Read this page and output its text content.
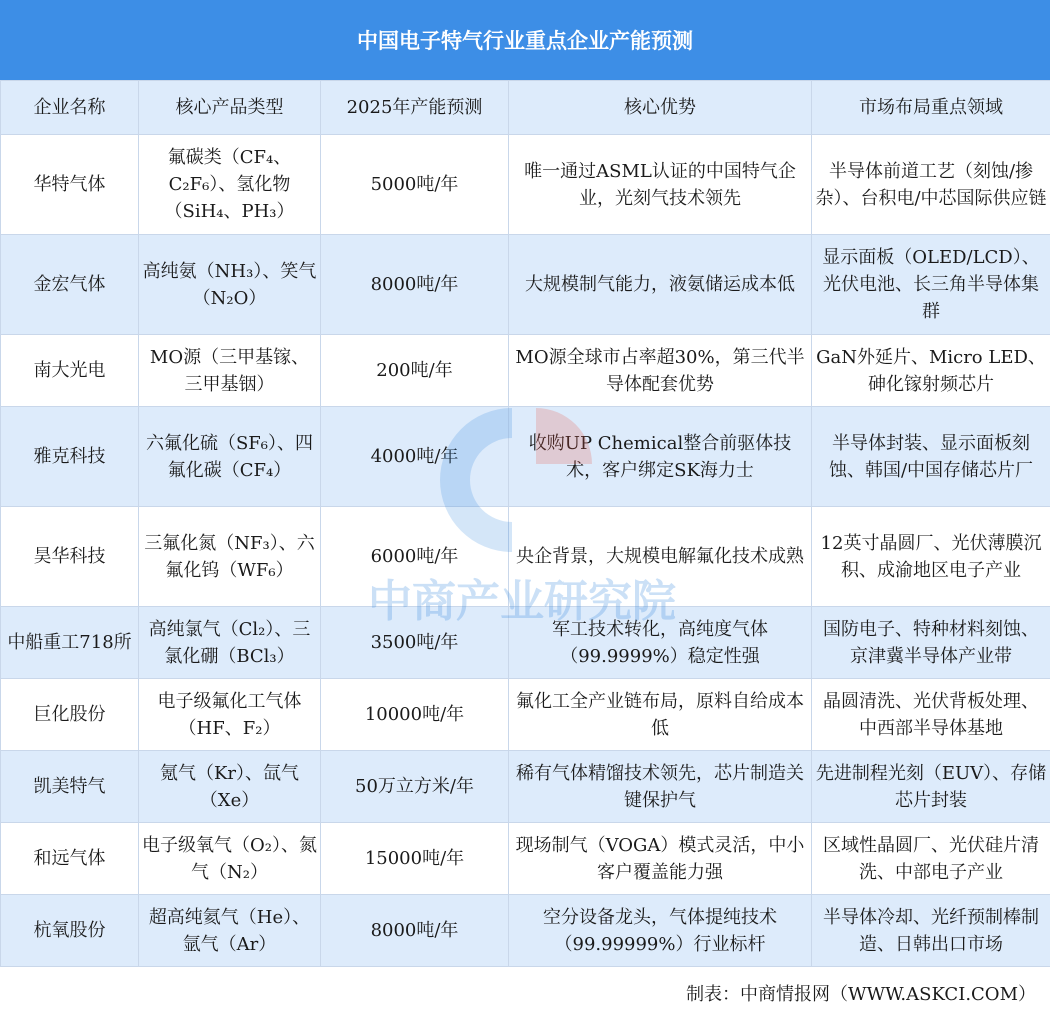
中国电子特气行业重点企业产能预测
企业名称	核心产品类型	2025年产能预测	核心优势	市场布局重点领域
华特气体	氟碳类（CF₄、C₂F₆）、氢化物（SiH₄、PH₃）	5000吨/年	唯一通过ASML认证的中国特气企业，光刻气技术领先	半导体前道工艺（刻蚀/掺杂）、台积电/中芯国际供应链
金宏气体	高纯氨（NH₃）、笑气（N₂O）	8000吨/年	大规模制气能力，液氨储运成本低	显示面板（OLED/LCD）、光伏电池、长三角半导体集群
南大光电	MO源（三甲基镓、三甲基铟）	200吨/年	MO源全球市占率超30%，第三代半导体配套优势	GaN外延片、Micro LED、砷化镓射频芯片
雅克科技	六氟化硫（SF₆）、四氟化碳（CF₄）	4000吨/年	收购UP Chemical整合前驱体技术，客户绑定SK海力士	半导体封装、显示面板刻蚀、韩国/中国存储芯片厂
昊华科技	三氟化氮（NF₃）、六氟化钨（WF₆）	6000吨/年	央企背景，大规模电解氟化技术成熟	12英寸晶圆厂、光伏薄膜沉积、成渝地区电子产业
中船重工718所	高纯氯气（Cl₂）、三氯化硼（BCl₃）	3500吨/年	军工技术转化，高纯度气体（99.9999%）稳定性强	国防电子、特种材料刻蚀、京津冀半导体产业带
巨化股份	电子级氟化工气体（HF、F₂）	10000吨/年	氟化工全产业链布局，原料自给成本低	晶圆清洗、光伏背板处理、中西部半导体基地
凯美特气	氪气（Kr）、氙气（Xe）	50万立方米/年	稀有气体精馏技术领先，芯片制造关键保护气	先进制程光刻（EUV）、存储芯片封装
和远气体	电子级氧气（O₂）、氮气（N₂）	15000吨/年	现场制气（VOGA）模式灵活，中小客户覆盖能力强	区域性晶圆厂、光伏硅片清洗、中部电子产业
杭氧股份	超高纯氦气（He）、氩气（Ar）	8000吨/年	空分设备龙头，气体提纯技术（99.99999%）行业标杆	半导体冷却、光纤预制棒制造、日韩出口市场
中商产业研究院
制表：中商情报网（WWW.ASKCI.COM）
